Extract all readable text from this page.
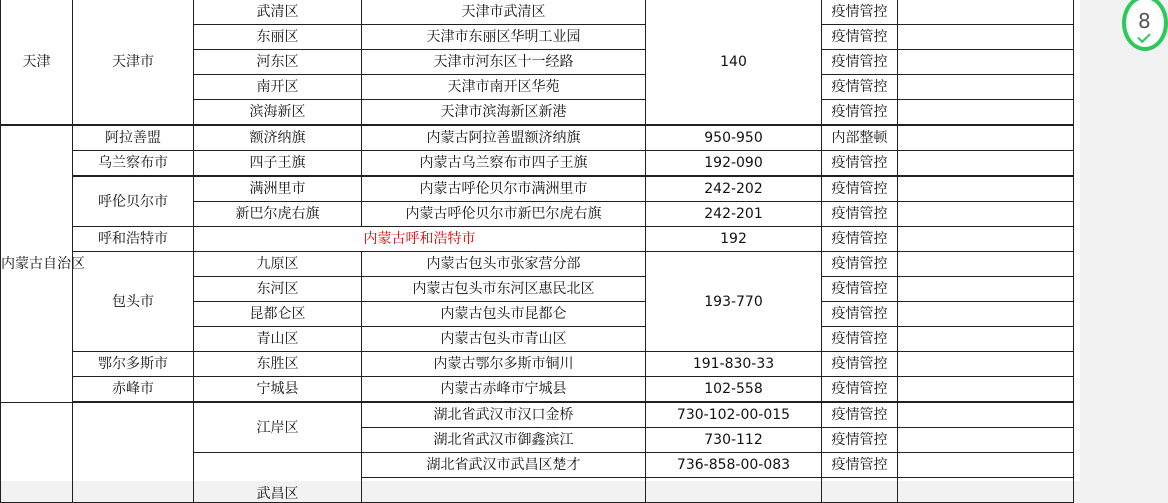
天津	天津市	武清区	天津市武清区	140	疫情管控	
		东丽区	天津市东丽区华明工业园		疫情管控	
		河东区	天津市河东区十一经路		疫情管控	
		南开区	天津市南开区华苑		疫情管控	
		滨海新区	天津市滨海新区新港		疫情管控	
内蒙古自治区	阿拉善盟	额济纳旗	内蒙古阿拉善盟额济纳旗	950-950	内部整顿	
	乌兰察布市	四子王旗	内蒙古乌兰察布市四子王旗	192-090	疫情管控	
	呼伦贝尔市	满洲里市	内蒙古呼伦贝尔市满洲里市	242-202	疫情管控	
		新巴尔虎右旗	内蒙古呼伦贝尔市新巴尔虎右旗	242-201	疫情管控	
	呼和浩特市	内蒙古呼和浩特市		192	疫情管控	
	包头市	九原区	内蒙古包头市张家营分部	193-770	疫情管控	
		东河区	内蒙古包头市东河区惠民北区		疫情管控	
		昆都仑区	内蒙古包头市昆都仑		疫情管控	
		青山区	内蒙古包头市青山区		疫情管控	
	鄂尔多斯市	东胜区	内蒙古鄂尔多斯市铜川	191-830-33	疫情管控	
	赤峰市	宁城县	内蒙古赤峰市宁城县	102-558	疫情管控	
		江岸区	湖北省武汉市汉口金桥	730-102-00-015	疫情管控	
			湖北省武汉市御鑫滨江	730-112	疫情管控	
		武昌区	湖北省武汉市武昌区楚才	736-858-00-083	疫情管控	

8
